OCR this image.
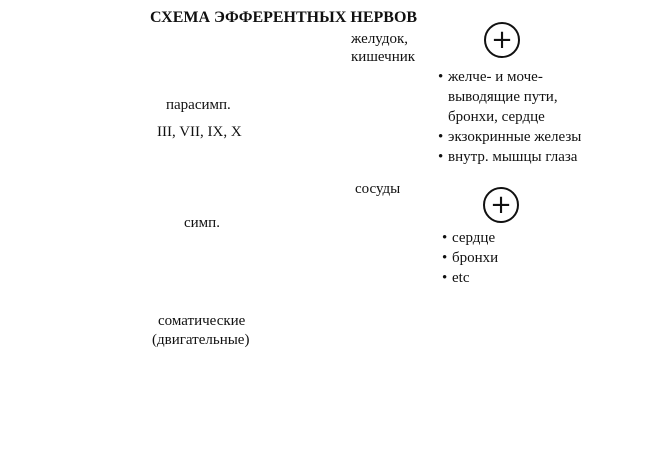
СХЕМА ЭФФЕРЕНТНЫХ НЕРВОВ
желудок,
кишечник
сосуды
парасимп.
III, VII, IX, X
симп.
соматические
(двигательные)
+
+
• желче- и моче-
выводящие пути,
бронхи, сердце
• экзокринные железы
• внутр. мышцы глаза
• сердце
• бронхи
• etc
